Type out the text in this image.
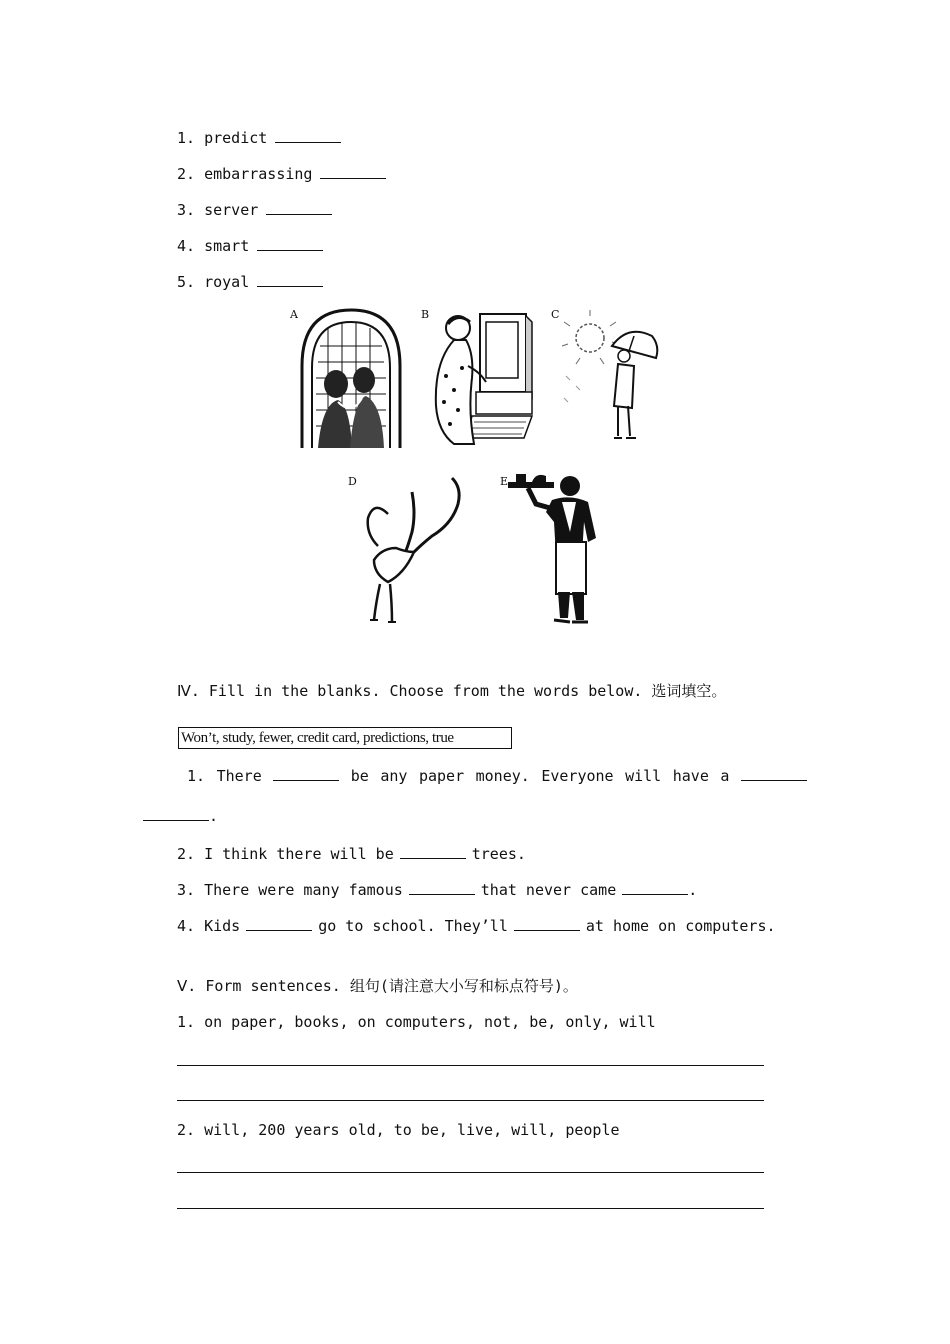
1. predict
2. embarrassing
3. server
4. smart
5. royal
A	B	C
D	E
Ⅳ. Fill in the blanks. Choose from the words below. 选词填空。
Won’t, study, fewer, credit card, predictions, true
1. There	be any paper money. Everyone will have a
.
2. I think there will be	trees.
3. There were many famous	that never came	.
4. Kids	go to school. They’ll	at home on computers.
Ⅴ. Form sentences. 组句(请注意大小写和标点符号)。
1. on paper, books, on computers, not, be, only, will
2. will, 200 years old, to be, live, will, people
